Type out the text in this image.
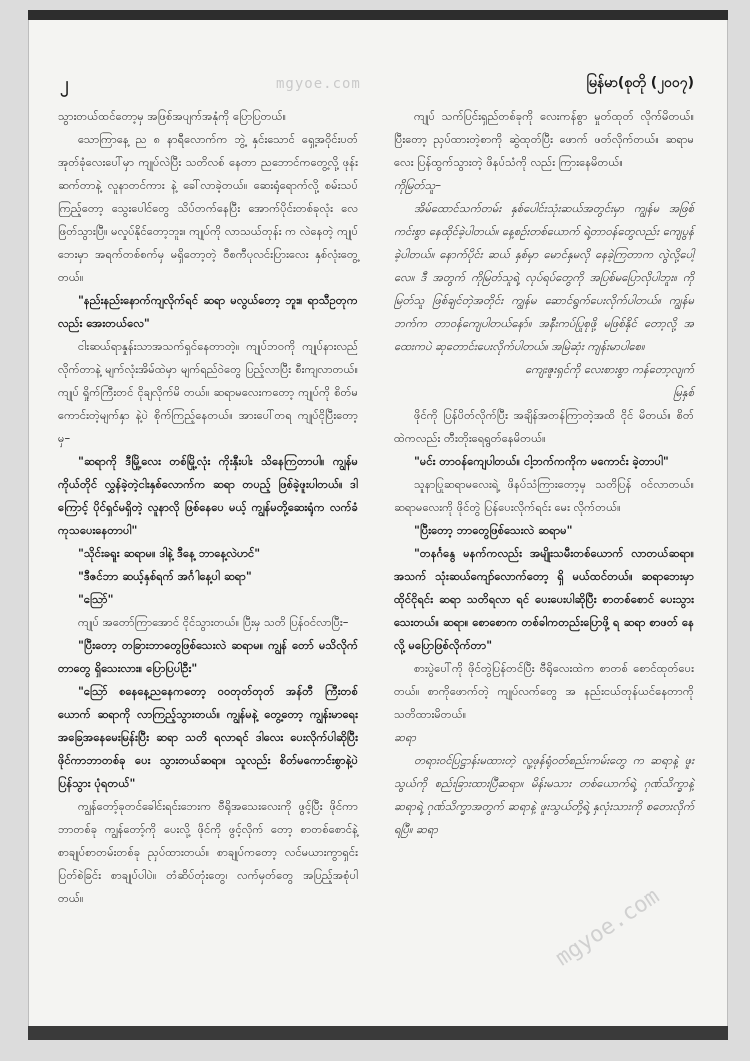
၂	mgyoe.com	မြန်မာ(စုတို (၂၀၀၇)

သွားတယ်ထင်တော့မှ အဖြစ်အပျက်အနုံကို ပြောပြတယ်။

သောကြာနေ့ ည ၈ နာရီလောက်က ဘွဲ့ နှင်းသောင် ရှေ့အဝိုင်းပတ် အုတ်ခုံလေးပေါ်မှာ ကျုပ်လဲပြီး သတိလစ် နေတာ ညဘောင်ကတွေ့လို့ ဖုန်းဆက်တာနဲ့ လူနာတင်ကား နဲ့ ခေါ်လာခဲ့တယ်။ ဆေးရုံရောက်လို့ စမ်းသပ်ကြည့်တော့ သွေးပေါင်တွေ သိပ်တက်နေပြီး အောက်ပိုင်းတစ်ခုလုံး လေ ဖြတ်သွားပြီ။ မလှုပ်နိုင်တော့ဘူး။ ကျုပ်ကို လာသယ်တုန်း က လဲနေတဲ့ ကျုပ်ဘေးမှာ အရက်တစ်စက်မှ မရှိတော့တဲ့ ဝီစကီပုလင်းပြားလေး နှစ်လုံးတွေ့တယ်။

"နည်းနည်းနောက်ကျလိုက်ရင် ဆရာ မလွယ်တော့ ဘူး။ ရာသီဥတုကလည်း အေးတယ်လေ"

ငါးဆယ်ရာနှုန်းသာအသက်ရှင်နေတာတဲ့။ ကျုပ်ဘဝကို ကျုပ်နားလည်လိုက်တာနဲ့ မျက်လုံးအိမ်ထဲမှာ မျက်ရည်ဝဲတွေ ပြည့်လာပြီး စီးကျလာတယ်။ ကျုပ် ရှိုက်ကြီးတင် ငိုချလိုက်မိ တယ်။ ဆရာမလေးကတော့ ကျုပ်ကို စိတ်မကောင်းတဲ့မျက်နှာ နဲ့ပဲ စိုက်ကြည့်နေတယ်။ အားပေါ်တရ ကျုပ်ငိုပြီးတော့မှ–

"ဆရာကို ဒီမြို့လေး တစ်မြို့လုံး ကိုးနှီးပါး သိနေကြတာပါ။ ကျွန်မကိုယ်တိုင် လွှန်ခဲ့တဲ့ငါးနှစ်လောက်က ဆရာ တပည့် ဖြစ်ခဲ့ဖူးပါတယ်။ ဒါကြောင့် ပိုင်ရှင်မရှိတဲ့ လူနာလို ဖြစ်နေပေ မယ့် ကျွန်မတို့ဆေးရုံက လက်ခံကုသပေးနေတာပါ"

"သိုင်းခရူး ဆရာမ။ ဒါနဲ့ ဒီနေ့ ဘာနေ့လဲဟင်"

"ဒီဇင်ဘာ ဆယ့်နှစ်ရက် အင်္ဂါနေ့ပါ ဆရာ"

"ဪ"

ကျုပ် အတော်ကြာအောင် ငိုင်သွားတယ်။ ပြီးမှ သတိ ပြန်ဝင်လာပြီး–

"ပြီးတော့ တခြားဘာတွေဖြစ်သေးလဲ ဆရာမ။ ကျွန် တော် မသိလိုက်တာတွေ ရှိသေးလား။ ပြောပြပါဦး"

"ဪ စနေနေ့ညနေကတော့ ၀၀တုတ်တုတ် အန်တီ ကြီးတစ်ယောက် ဆရာကို လာကြည့်သွားတယ်။ ကျွန်မနဲ့ တွေ့တော့ ကျွန်းမာရေးအခြေအနေမေးမြန်းပြီး ဆရာ သတိ ရလာရင် ဒါလေး ပေးလိုက်ပါဆိုပြီး ဖိုင်ကာဘာတစ်ခု ပေး သွားတယ်ဆရာ။ သူလည်း စိတ်မကောင်းစွာနဲ့ပဲ ပြန်သွား ပုံရတယ်"

ကျွန်တော့်ခုတင်ခေါင်းရင်းဘေးက ဗီရိုအသေးလေးကို ဖွင့်ပြီး ဖိုင်ကာဘာတစ်ခု ကျွန်တော့်ကို ပေးလို့ ဖိုင်ကို ဖွင့်လိုက် တော့ စာတစ်စောင်နဲ့ စာချုပ်စာတမ်းတစ်ခု ညှပ်ထားတယ်။ စာချုပ်ကတော့ လင်မယားကွာရှင်းပြတ်စဲခြင်း စာချုပ်ပါပဲ။ တံဆိပ်တုံးတွေ၊ လက်မှတ်တွေ အပြည့်အစုံပါတယ်။

ကျုပ် သက်ပြင်းရှည်တစ်ခုကို လေးကန်စွာ မှုတ်ထုတ် လိုက်မိတယ်။ ပြီးတော့ ညှပ်ထားတဲ့စာကို ဆွဲထုတ်ပြီး ဖောက် ဖတ်လိုက်တယ်။ ဆရာမလေး ပြန်ထွက်သွားတဲ့ ဖိနပ်သံကို လည်း ကြားနေမိတယ်။

ကိုမြတ်သူ–

အိမ်ထောင်သက်တမ်း နှစ်ပေါင်းသုံးဆယ်အတွင်းမှာ ကျွန်မ အဖြစ်ကင်းစွာ နေထိုင်ခဲ့ပါတယ်။ နေ့စဉ်းတစ်ယောက် ရဲ့တာဝန်တွေလည်း ကျေပွန်ခဲ့ပါတယ်။ နောက်ပိုင်း ဆယ် နှစ်မှာ မောင်နှမလို နေခဲ့ကြတာက လွဲလို့ပေါ့လေ။ ဒီ အတွက် ကိုမြတ်သူရဲ့ လုပ်ရပ်တွေကို အပြစ်မပြောလိုပါဘူး။ ကိုမြတ်သူ ဖြစ်ချင်တဲ့အတိုင်း ကျွန်မ ဆောင်ရွက်ပေးလိုက်ပါတယ်။ ကျွန်မ ဘက်က တာဝန်ကျေပါတယ်နော်။ အနီးကပ်ပြုစုဖို့ မဖြစ်နိုင် တော့လို့ အထေးကပဲ ဆုတောင်းပေးလိုက်ပါတယ်။ အမြဲဆုံး ကျန်းမာပါစေ။

ကျေးဇူးရှင်ကို လေးစားစွာ ကန်တော့လျက်

မြနှစ်

ဖိုင်ကို ပြန်ပိတ်လိုက်ပြီး အချိန်အတန်ကြာတဲ့အထိ ငိုင် မိတယ်။ စိတ်ထဲကလည်း တီးတိုးရေရွတ်နေမိတယ်။

"မင်း တာဝန်ကျေပါတယ်။ ငါ့ဘက်ကကိုက မကောင်း ခဲ့တာပါ"

သူနာပြုဆရာမလေးရဲ့ ဖိနပ်သံကြားတော့မှ သတိပြန် ဝင်လာတယ်။ ဆရာမလေးကို ဖိုင်တွဲ ပြန်ပေးလိုက်ရင်း မေး လိုက်တယ်။

"ပြီးတော့ ဘာတွေဖြစ်သေးလဲ ဆရာမ"

"တနင်္ဂနွေ မနက်ကလည်း အမျိုးသမီးတစ်ယောက် လာတယ်ဆရာ။ အသက် သုံးဆယ်ကျော်လောက်တော့ ရှိ မယ်ထင်တယ်။ ဆရာဘေးမှာ ထိုင်ငိုရင်း ဆရာ သတိရလာ ရင် ပေးပေးပါဆိုပြီး စာတစ်စောင် ပေးသွားသေးတယ်။ ဆရာ။ စောစောက တစ်ခါကတည်းပြောဖို့ ရ ဆရာ စာဖတ် နေလို့ မပြောဖြစ်လိုက်တာ"

စားပွဲပေါ်ကို ဖိုင်တွဲပြန်တင်ပြီး ဗီရိုလေးထဲက စာတစ် စောင်ထုတ်ပေးတယ်။ စာကိုဖောက်တဲ့ ကျုပ်လက်တွေ အ နည်းငယ်တုန်ယင်နေတာကို သတိထားမိတယ်။

ဆရာ

တရားဝင်ပြဋ္ဌာန်းမထားတဲ့ လူ့ဖုန်ရုံဝတ်စည်းကမ်းတွေ က ဆရာနဲ့ ဖူးသွယ်ကို စည်းခြားထားပြီဆရာ။ မိန်းမသား တစ်ယောက်ရဲ့ ဂုဏ်သိက္ခာနဲ့ ဆရာရဲ့ ဂုဏ်သိက္ခာအတွက် ဆရာနဲ့ ဖူးသွယ်တို့ရဲ့ နှလုံးသားကို စတေးလိုက်ရပြီ။ ဆရာ

mgyoe.com
